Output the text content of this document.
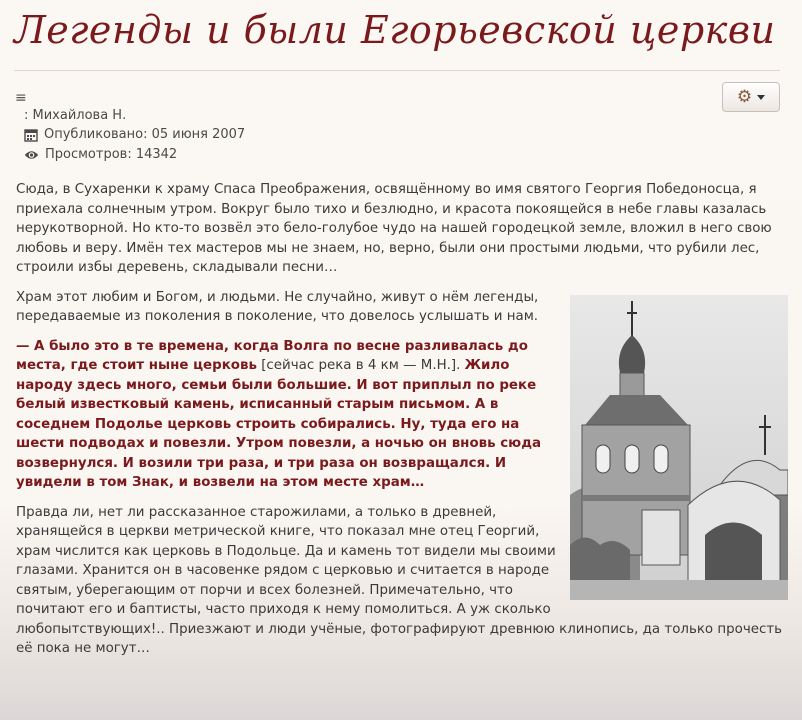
Легенды и были Егорьевской церкви
≡	⚙
: Михайлова Н.
Опубликовано: 05 июня 2007
Просмотров: 14342

Сюда, в Сухаренки к храму Спаса Преображения, освящённому во имя святого Георгия Победоносца, я приехала солнечным утром. Вокруг было тихо и безлюдно, и красота покоящейся в небе главы казалась нерукотворной. Но кто-то возвёл это бело-голубое чудо на нашей городецкой земле, вложил в него свою любовь и веру. Имён тех мастеров мы не знаем, но, верно, были они простыми людьми, что рубили лес, строили избы деревень, складывали песни…

Храм этот любим и Богом, и людьми. Не случайно, живут о нём легенды, передаваемые из поколения в поколение, что довелось услышать и нам.

— А было это в те времена, когда Волга по весне разливалась до места, где стоит ныне церковь [сейчас река в 4 км — М.Н.]. Жило народу здесь много, семьи были большие. И вот приплыл по реке белый известковый камень, исписанный старым письмом. А в соседнем Подолье церковь строить собирались. Ну, туда его на шести подводах и повезли. Утром повезли, а ночью он вновь сюда возвернулся. И возили три раза, и три раза он возвращался. И увидели в том Знак, и возвели на этом месте храм…

Правда ли, нет ли рассказанное старожилами, а только в древней, хранящейся в церкви метрической книге, что показал мне отец Георгий, храм числится как церковь в Подольце. Да и камень тот видели мы своими глазами. Хранится он в часовенке рядом с церковью и считается в народе святым, уберегающим от порчи и всех болезней. Примечательно, что почитают его и баптисты, часто приходя к нему помолиться. А уж сколько любопытствующих!.. Приезжают и люди учёные, фотографируют древнюю клинопись, да только прочесть её пока не могут…
